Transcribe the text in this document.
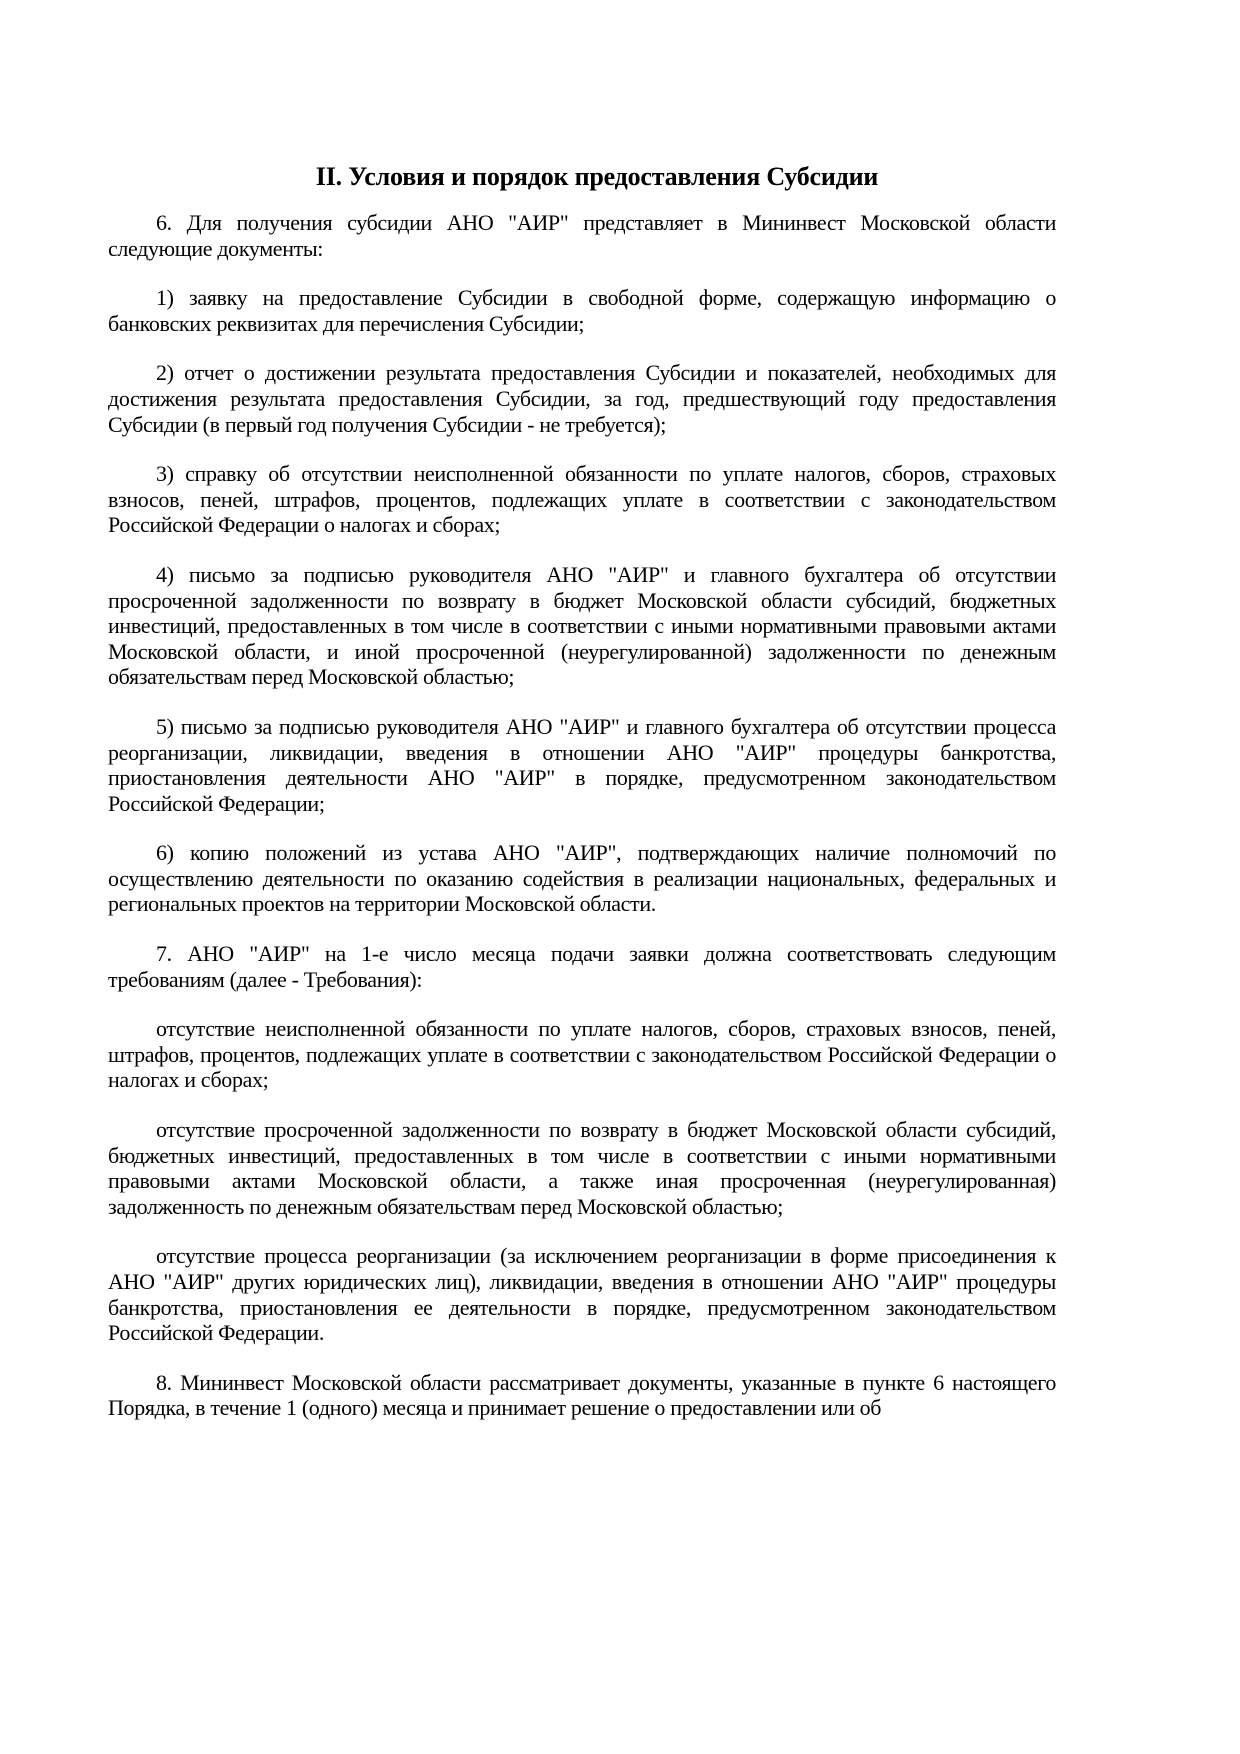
II. Условия и порядок предоставления Субсидии

6. Для получения субсидии АНО "АИР" представляет в Мининвест Московской области следующие документы:

1) заявку на предоставление Субсидии в свободной форме, содержащую информацию о банковских реквизитах для перечисления Субсидии;

2) отчет о достижении результата предоставления Субсидии и показателей, необходимых для достижения результата предоставления Субсидии, за год, предшествующий году предоставления Субсидии (в первый год получения Субсидии - не требуется);

3) справку об отсутствии неисполненной обязанности по уплате налогов, сборов, страховых взносов, пеней, штрафов, процентов, подлежащих уплате в соответствии с законодательством Российской Федерации о налогах и сборах;

4) письмо за подписью руководителя АНО "АИР" и главного бухгалтера об отсутствии просроченной задолженности по возврату в бюджет Московской области субсидий, бюджетных инвестиций, предоставленных в том числе в соответствии с иными нормативными правовыми актами Московской области, и иной просроченной (неурегулированной) задолженности по денежным обязательствам перед Московской областью;

5) письмо за подписью руководителя АНО "АИР" и главного бухгалтера об отсутствии процесса реорганизации, ликвидации, введения в отношении АНО "АИР" процедуры банкротства, приостановления деятельности АНО "АИР" в порядке, предусмотренном законодательством Российской Федерации;

6) копию положений из устава АНО "АИР", подтверждающих наличие полномочий по осуществлению деятельности по оказанию содействия в реализации национальных, федеральных и региональных проектов на территории Московской области.

7. АНО "АИР" на 1-е число месяца подачи заявки должна соответствовать следующим требованиям (далее - Требования):

отсутствие неисполненной обязанности по уплате налогов, сборов, страховых взносов, пеней, штрафов, процентов, подлежащих уплате в соответствии с законодательством Российской Федерации о налогах и сборах;

отсутствие просроченной задолженности по возврату в бюджет Московской области субсидий, бюджетных инвестиций, предоставленных в том числе в соответствии с иными нормативными правовыми актами Московской области, а также иная просроченная (неурегулированная) задолженность по денежным обязательствам перед Московской областью;

отсутствие процесса реорганизации (за исключением реорганизации в форме присоединения к АНО "АИР" других юридических лиц), ликвидации, введения в отношении АНО "АИР" процедуры банкротства, приостановления ее деятельности в порядке, предусмотренном законодательством Российской Федерации.

8. Мининвест Московской области рассматривает документы, указанные в пункте 6 настоящего Порядка, в течение 1 (одного) месяца и принимает решение о предоставлении или об
